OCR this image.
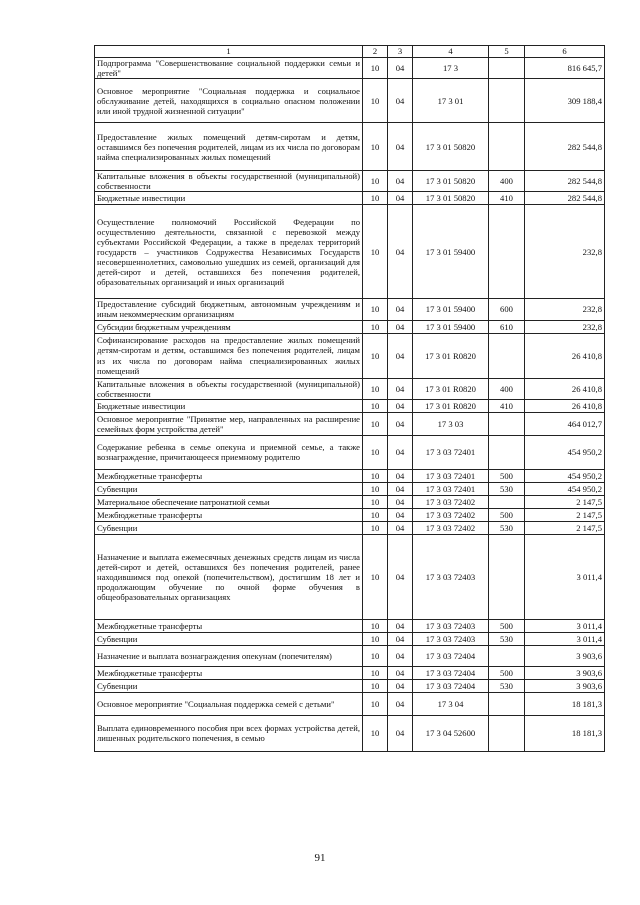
1	2	3	4	5	6
Подпрограмма "Совершенствование социальной поддержки семьи и детей"	10	04	17 3		816 645,7
Основное мероприятие "Социальная поддержка и социальное обслуживание детей, находящихся в социально опасном положении или иной трудной жизненной ситуации"	10	04	17 3 01		309 188,4
Предоставление жилых помещений детям-сиротам и детям, оставшимся без попечения родителей, лицам из их числа по договорам найма специализированных жилых помещений	10	04	17 3 01 50820		282 544,8
Капитальные вложения в объекты государственной (муниципальной) собственности	10	04	17 3 01 50820	400	282 544,8
Бюджетные инвестиции	10	04	17 3 01 50820	410	282 544,8
Осуществление полномочий Российской Федерации по осуществлению деятельности, связанной с перевозкой между субъектами Российской Федерации, а также в пределах территорий государств – участников Содружества Независимых Государств несовершеннолетних, самовольно ушедших из семей, организаций для детей-сирот и детей, оставшихся без попечения родителей, образовательных организаций и иных организаций	10	04	17 3 01 59400		232,8
Предоставление субсидий бюджетным, автономным учреждениям и иным некоммерческим организациям	10	04	17 3 01 59400	600	232,8
Субсидии бюджетным учреждениям	10	04	17 3 01 59400	610	232,8
Софинансирование расходов на предоставление жилых помещений детям-сиротам и детям, оставшимся без попечения родителей, лицам из их числа по договорам найма специализированных жилых помещений	10	04	17 3 01 R0820		26 410,8
Капитальные вложения в объекты государственной (муниципальной) собственности	10	04	17 3 01 R0820	400	26 410,8
Бюджетные инвестиции	10	04	17 3 01 R0820	410	26 410,8
Основное мероприятие "Принятие мер, направленных на расширение семейных форм устройства детей"	10	04	17 3 03		464 012,7
Содержание ребенка в семье опекуна и приемной семье, а также вознаграждение, причитающееся приемному родителю	10	04	17 3 03 72401		454 950,2
Межбюджетные трансферты	10	04	17 3 03 72401	500	454 950,2
Субвенции	10	04	17 3 03 72401	530	454 950,2
Материальное обеспечение патронатной семьи	10	04	17 3 03 72402		2 147,5
Межбюджетные трансферты	10	04	17 3 03 72402	500	2 147,5
Субвенции	10	04	17 3 03 72402	530	2 147,5
Назначение и выплата ежемесячных денежных средств лицам из числа детей-сирот и детей, оставшихся без попечения родителей, ранее находившимся под опекой (попечительством), достигшим 18 лет и продолжающим обучение по очной форме обучения в общеобразовательных организациях	10	04	17 3 03 72403		3 011,4
Межбюджетные трансферты	10	04	17 3 03 72403	500	3 011,4
Субвенции	10	04	17 3 03 72403	530	3 011,4
Назначение и выплата вознаграждения опекунам (попечителям)	10	04	17 3 03 72404		3 903,6
Межбюджетные трансферты	10	04	17 3 03 72404	500	3 903,6
Субвенции	10	04	17 3 03 72404	530	3 903,6
Основное мероприятие "Социальная поддержка семей с детьми"	10	04	17 3 04		18 181,3
Выплата единовременного пособия при всех формах устройства детей, лишенных родительского попечения, в семью	10	04	17 3 04 52600		18 181,3
91
